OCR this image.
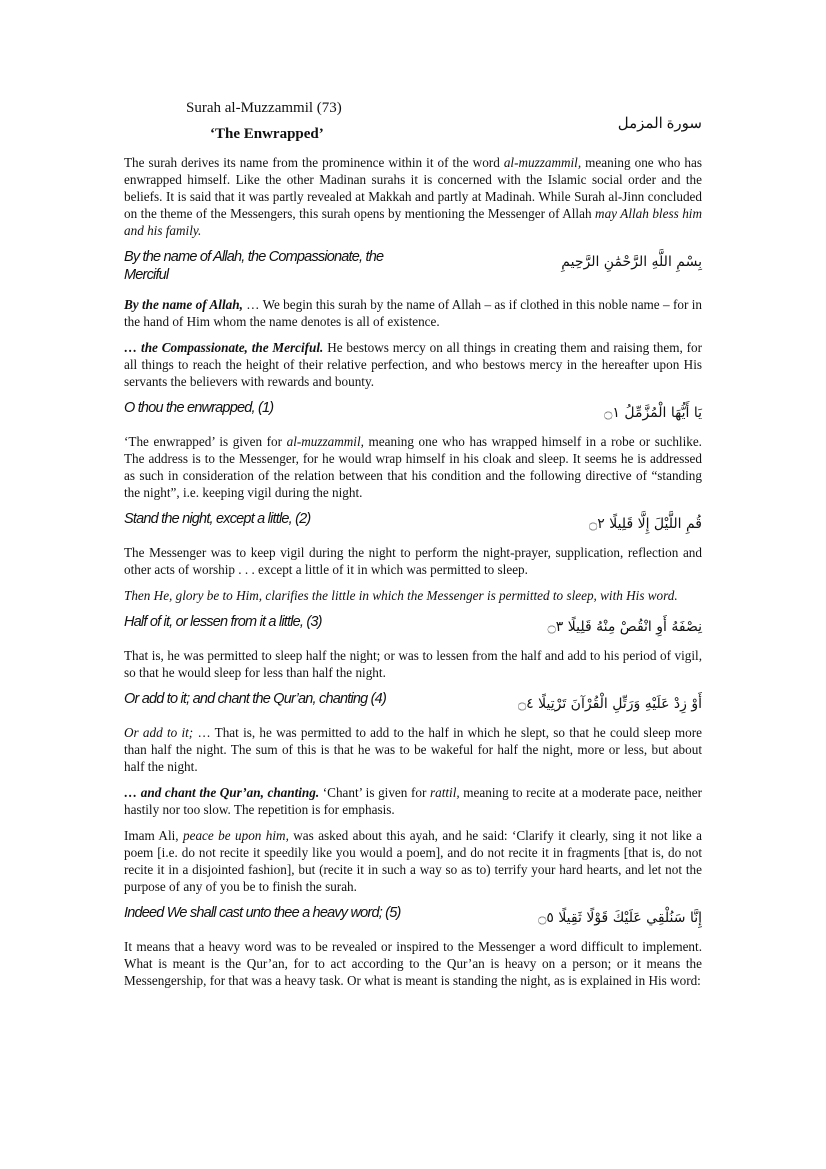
Surah al-Muzzammil (73)
‘The Enwrapped’
سورة المزمل

The surah derives its name from the prominence within it of the word al-muzzammil, meaning one who has enwrapped himself. Like the other Madinan surahs it is concerned with the Islamic social order and the beliefs. It is said that it was partly revealed at Makkah and partly at Madinah. While Surah al-Jinn concluded on the theme of the Messengers, this surah opens by mentioning the Messenger of Allah may Allah bless him and his family.

By the name of Allah, the Compassionate, the Merciful
بِسْمِ اللَّهِ الرَّحْمَٰنِ الرَّحِيمِ

By the name of Allah, … We begin this surah by the name of Allah – as if clothed in this noble name – for in the hand of Him whom the name denotes is all of existence.

… the Compassionate, the Merciful. He bestows mercy on all things in creating them and raising them, for all things to reach the height of their relative perfection, and who bestows mercy in the hereafter upon His servants the believers with rewards and bounty.

O thou the enwrapped, (1)	يَا أَيُّهَا الْمُزَّمِّلُ ۝١

‘The enwrapped’ is given for al-muzzammil, meaning one who has wrapped himself in a robe or suchlike. The address is to the Messenger, for he would wrap himself in his cloak and sleep. It seems he is addressed as such in consideration of the relation between that his condition and the following directive of “standing the night”, i.e. keeping vigil during the night.

Stand the night, except a little, (2)	قُمِ اللَّيْلَ إِلَّا قَلِيلًا ۝٢

The Messenger was to keep vigil during the night to perform the night-prayer, supplication, reflection and other acts of worship . . . except a little of it in which was permitted to sleep.

Then He, glory be to Him, clarifies the little in which the Messenger is permitted to sleep, with His word.

Half of it, or lessen from it a little, (3)	نِصْفَهُ أَوِ انْقُصْ مِنْهُ قَلِيلًا ۝٣

That is, he was permitted to sleep half the night; or was to lessen from the half and add to his period of vigil, so that he would sleep for less than half the night.

Or add to it; and chant the Qur’an, chanting (4)	أَوْ زِدْ عَلَيْهِ وَرَتِّلِ الْقُرْآنَ تَرْتِيلًا ۝٤

Or add to it; … That is, he was permitted to add to the half in which he slept, so that he could sleep more than half the night. The sum of this is that he was to be wakeful for half the night, more or less, but about half the night.

… and chant the Qur’an, chanting. ‘Chant’ is given for rattil, meaning to recite at a moderate pace, neither hastily nor too slow. The repetition is for emphasis.

Imam Ali, peace be upon him, was asked about this ayah, and he said: ‘Clarify it clearly, sing it not like a poem [i.e. do not recite it speedily like you would a poem], and do not recite it in fragments [that is, do not recite it in a disjointed fashion], but (recite it in such a way so as to) terrify your hard hearts, and let not the purpose of any of you be to finish the surah.

Indeed We shall cast unto thee a heavy word; (5)	إِنَّا سَنُلْقِي عَلَيْكَ قَوْلًا ثَقِيلًا ۝٥

It means that a heavy word was to be revealed or inspired to the Messenger a word difficult to implement. What is meant is the Qur’an, for to act according to the Qur’an is heavy on a person; or it means the Messengership, for that was a heavy task. Or what is meant is standing the night, as is explained in His word:
